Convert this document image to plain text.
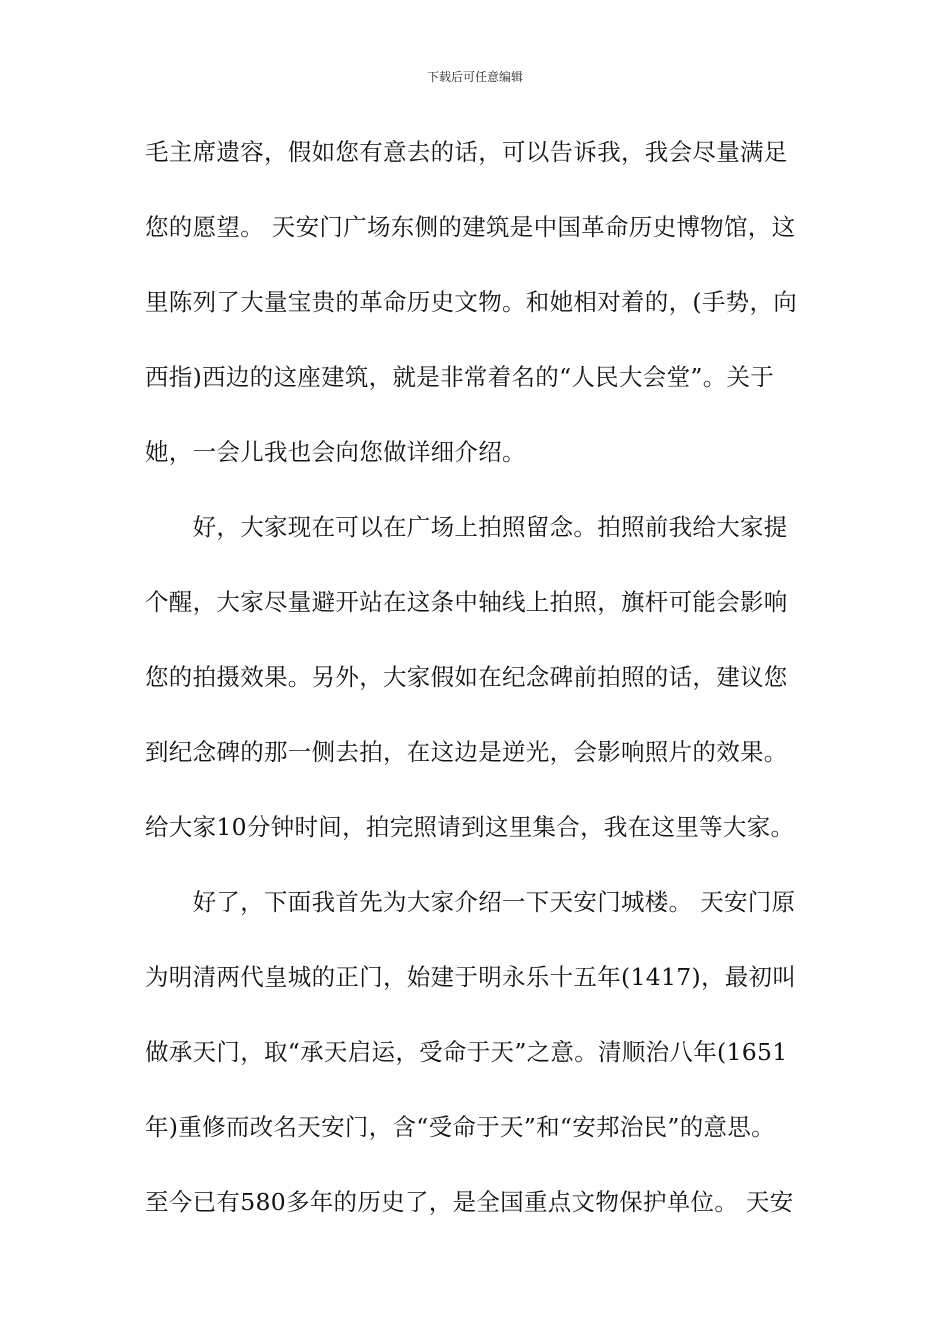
下载后可任意编辑
毛主席遗容，假如您有意去的话，可以告诉我，我会尽量满足
您的愿望。 天安门广场东侧的建筑是中国革命历史博物馆，这
里陈列了大量宝贵的革命历史文物。和她相对着的，(手势，向
西指)西边的这座建筑，就是非常着名的“人民大会堂”。关于
她，一会儿我也会向您做详细介绍。
　　好，大家现在可以在广场上拍照留念。拍照前我给大家提
个醒，大家尽量避开站在这条中轴线上拍照，旗杆可能会影响
您的拍摄效果。另外，大家假如在纪念碑前拍照的话，建议您
到纪念碑的那一侧去拍，在这边是逆光，会影响照片的效果。
给大家10分钟时间，拍完照请到这里集合，我在这里等大家。
　　好了，下面我首先为大家介绍一下天安门城楼。 天安门原
为明清两代皇城的正门，始建于明永乐十五年(1417)，最初叫
做承天门，取“承天启运，受命于天”之意。清顺治八年(1651
年)重修而改名天安门，含“受命于天”和“安邦治民”的意思。
至今已有580多年的历史了，是全国重点文物保护单位。 天安
